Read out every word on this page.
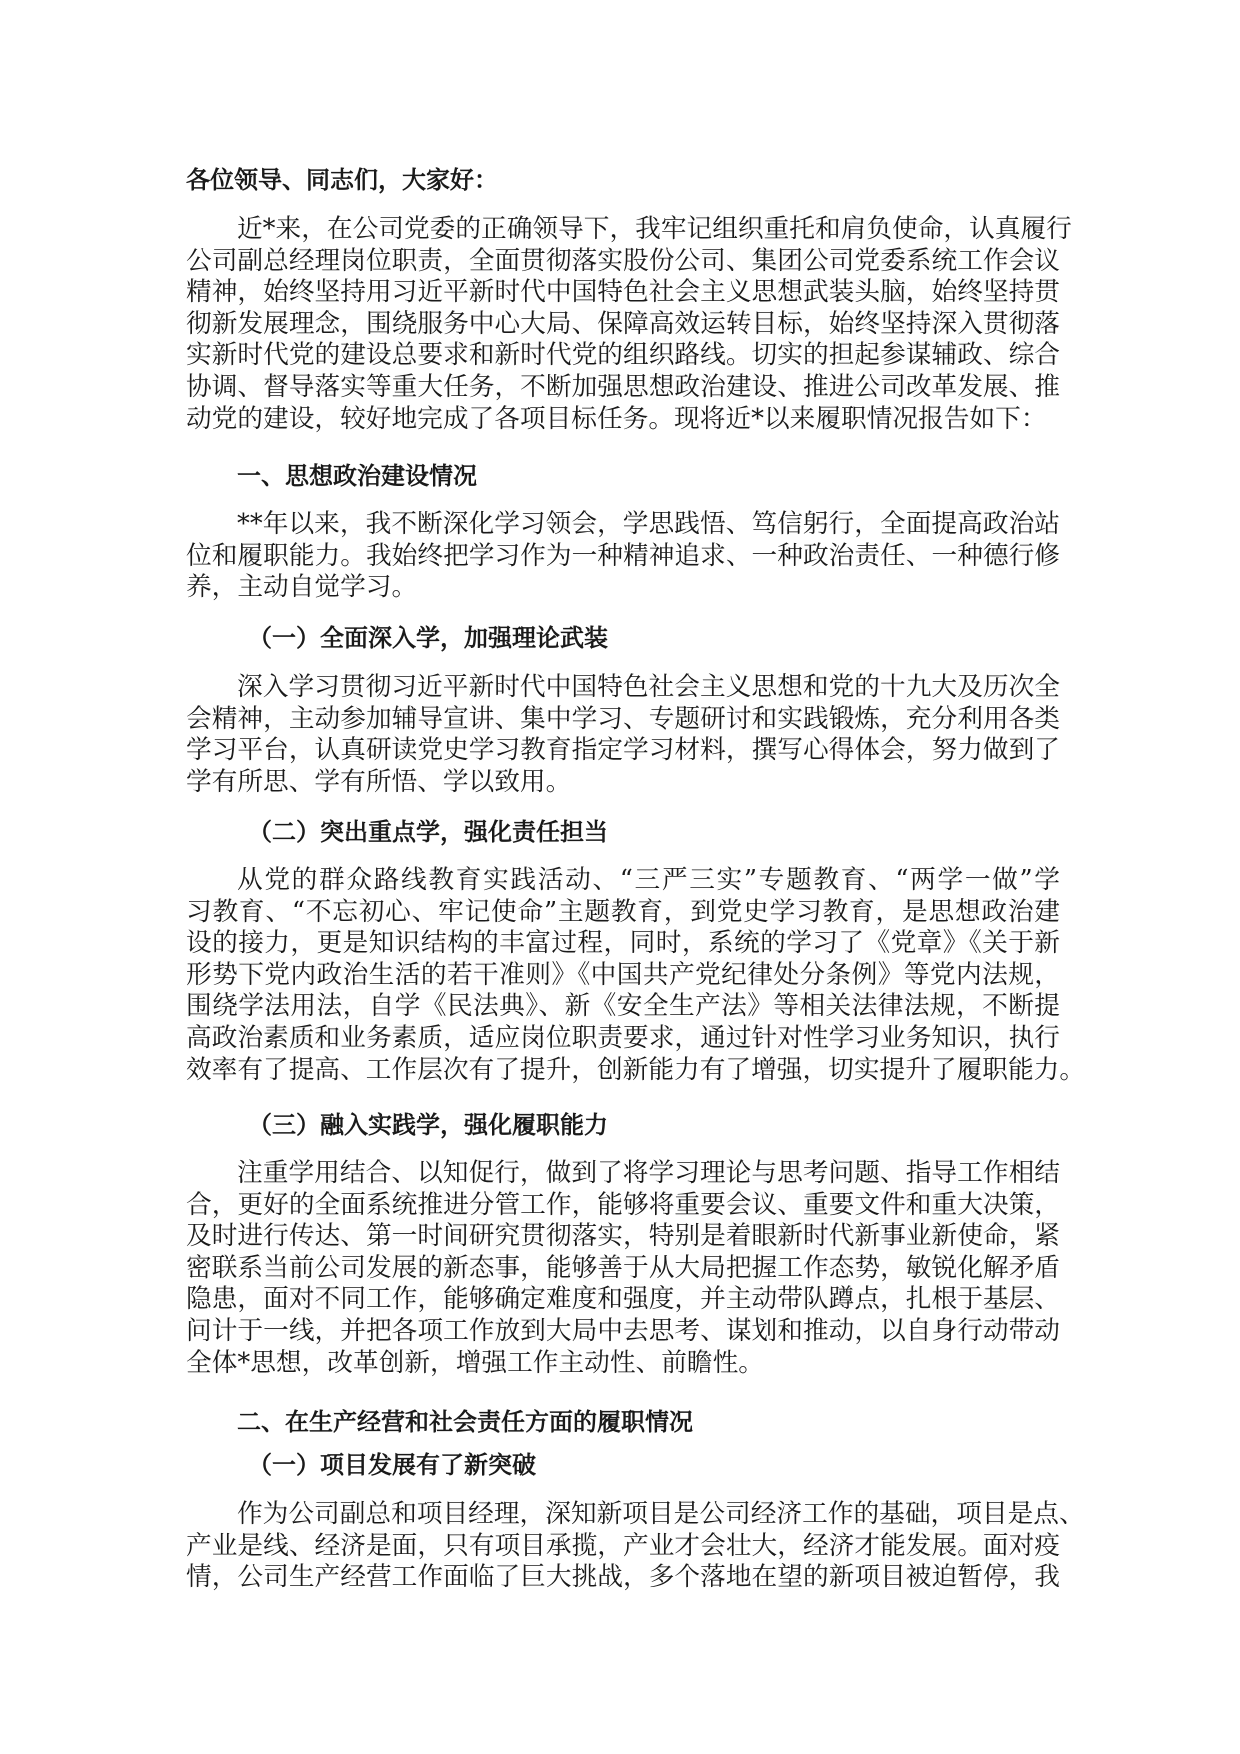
各位领导、同志们，大家好：
近*来，在公司党委的正确领导下，我牢记组织重托和肩负使命，认真履行
公司副总经理岗位职责，全面贯彻落实股份公司、集团公司党委系统工作会议
精神，始终坚持用习近平新时代中国特色社会主义思想武装头脑，始终坚持贯
彻新发展理念，围绕服务中心大局、保障高效运转目标，始终坚持深入贯彻落
实新时代党的建设总要求和新时代党的组织路线。切实的担起参谋辅政、综合
协调、督导落实等重大任务，不断加强思想政治建设、推进公司改革发展、推
动党的建设，较好地完成了各项目标任务。现将近*以来履职情况报告如下：
一、思想政治建设情况
**年以来，我不断深化学习领会，学思践悟、笃信躬行，全面提高政治站
位和履职能力。我始终把学习作为一种精神追求、一种政治责任、一种德行修
养，主动自觉学习。
（一）全面深入学，加强理论武装
深入学习贯彻习近平新时代中国特色社会主义思想和党的十九大及历次全
会精神，主动参加辅导宣讲、集中学习、专题研讨和实践锻炼，充分利用各类
学习平台，认真研读党史学习教育指定学习材料，撰写心得体会，努力做到了
学有所思、学有所悟、学以致用。
（二）突出重点学，强化责任担当
从党的群众路线教育实践活动、“三严三实”专题教育、“两学一做”学
习教育、“不忘初心、牢记使命”主题教育，到党史学习教育，是思想政治建
设的接力，更是知识结构的丰富过程，同时，系统的学习了《党章》《关于新
形势下党内政治生活的若干准则》《中国共产党纪律处分条例》等党内法规，
围绕学法用法，自学《民法典》、新《安全生产法》等相关法律法规，不断提
高政治素质和业务素质，适应岗位职责要求，通过针对性学习业务知识，执行
效率有了提高、工作层次有了提升，创新能力有了增强，切实提升了履职能力。
（三）融入实践学，强化履职能力
注重学用结合、以知促行，做到了将学习理论与思考问题、指导工作相结
合，更好的全面系统推进分管工作，能够将重要会议、重要文件和重大决策，
及时进行传达、第一时间研究贯彻落实，特别是着眼新时代新事业新使命，紧
密联系当前公司发展的新态事，能够善于从大局把握工作态势，敏锐化解矛盾
隐患，面对不同工作，能够确定难度和强度，并主动带队蹲点，扎根于基层、
问计于一线，并把各项工作放到大局中去思考、谋划和推动，以自身行动带动
全体*思想，改革创新，增强工作主动性、前瞻性。
二、在生产经营和社会责任方面的履职情况
（一）项目发展有了新突破
作为公司副总和项目经理，深知新项目是公司经济工作的基础，项目是点、
产业是线、经济是面，只有项目承揽，产业才会壮大，经济才能发展。面对疫
情，公司生产经营工作面临了巨大挑战，多个落地在望的新项目被迫暂停，我
